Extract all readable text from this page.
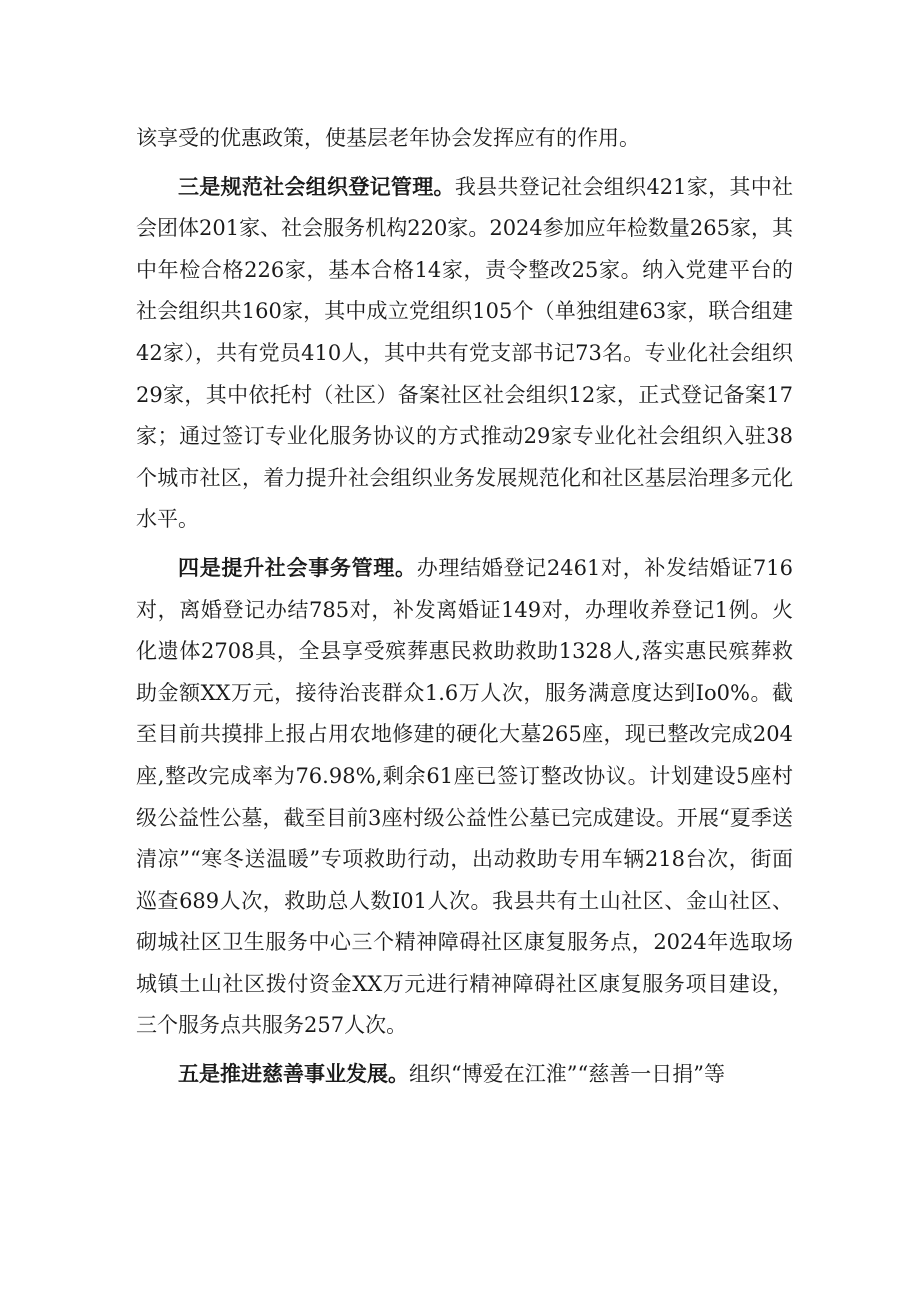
该享受的优惠政策，使基层老年协会发挥应有的作用。

三是规范社会组织登记管理。我县共登记社会组织421家，其中社会团体201家、社会服务机构220家。2024参加应年检数量265家，其中年检合格226家，基本合格14家，责令整改25家。纳入党建平台的社会组织共160家，其中成立党组织105个（单独组建63家，联合组建42家），共有党员410人，其中共有党支部书记73名。专业化社会组织29家，其中依托村（社区）备案社区社会组织12家，正式登记备案17家；通过签订专业化服务协议的方式推动29家专业化社会组织入驻38个城市社区，着力提升社会组织业务发展规范化和社区基层治理多元化水平。

四是提升社会事务管理。办理结婚登记2461对，补发结婚证716对，离婚登记办结785对，补发离婚证149对，办理收养登记1例。火化遗体2708具，全县享受殡葬惠民救助救助1328人,落实惠民殡葬救助金额XX万元，接待治丧群众1.6万人次，服务满意度达到Io0%。截至目前共摸排上报占用农地修建的硬化大墓265座，现已整改完成204座,整改完成率为76.98%,剩余61座已签订整改协议。计划建设5座村级公益性公墓，截至目前3座村级公益性公墓已完成建设。开展“夏季送清凉”“寒冬送温暖”专项救助行动，出动救助专用车辆218台次，街面巡查689人次，救助总人数I01人次。我县共有土山社区、金山社区、砌城社区卫生服务中心三个精神障碍社区康复服务点，2024年选取场城镇土山社区拨付资金XX万元进行精神障碍社区康复服务项目建设，三个服务点共服务257人次。

五是推进慈善事业发展。组织“博爱在江淮”“慈善一日捐”等
